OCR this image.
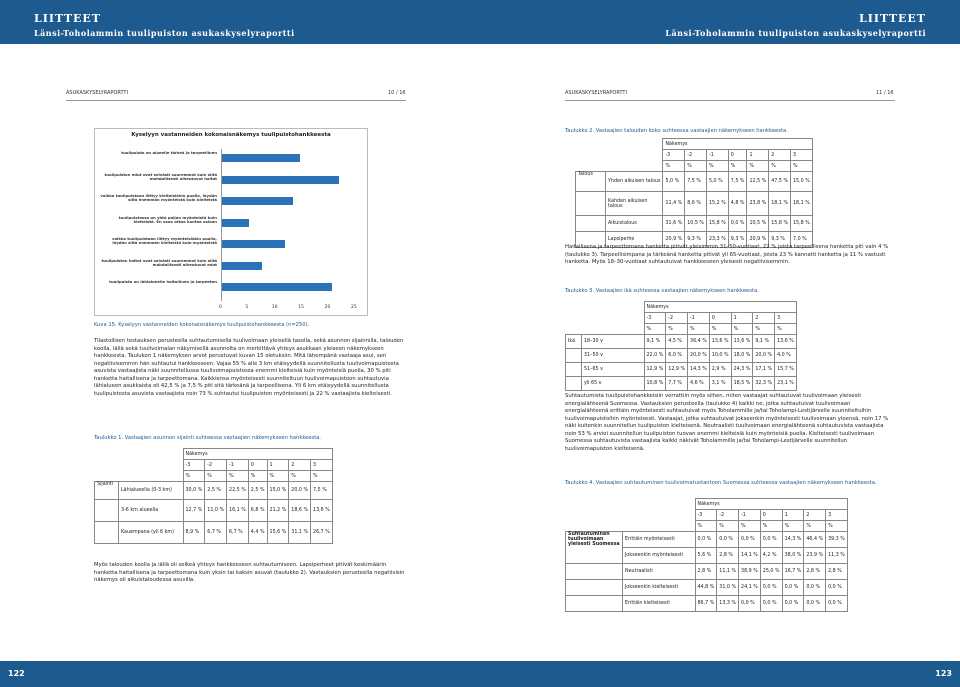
LIITTEET
Länsi-Toholammin tuulipuiston asukaskyselyraportti
LIITTEET
Länsi-Toholammin tuulipuiston asukaskyselyraportti
ASUKASKYSELYRAPORTTI	10 / 16	ASUKASKYSELYRAPORTTI	11 / 16
Kyselyyn vastanneiden kokonaisnäkemys tuulipuistohankkeesta
tuulipuisto on alueelle tärkeä ja tarpeellinen
tuulipuiston edut ovat selvästi suuremmat kuin siitä mahdollisesti aiheutuvat haitat
vaikka tuulipuistoon liittyy kielteisiäkin puolia, löydän siitä enemmän myönteistä kuin kielteistä
tuulipuistossa on yhtä paljon myönteistä kuin kielteistä. En osaa ottaa kantaa asiaan
vaikka tuulipuistoon liittyy myönteisiäkin puolia, löydän siitä enemmän kielteistä kuin myönteistä
tuulipuiston haitat ovat selvästi suuremmat kuin siitä mahdollisesti aiheutuvat edut
tuulipuisto on lähialueelle haitallinen ja tarpeeton
0	5	10	15	20	25
Kuva 15. Kyselyyn vastanneiden kokonaisnäkemys tuulipuistohankkeesta (n=250).

Tilastollisen testauksen perusteella suhtautumisella tuulivoimaan yleisellä tasolla, sekä asunnon sijainnilla, talouden koolla, iällä sekä tuulivoimalan näkymisellä asunnolta on merkittävä yhteys asukkaan yleiseen näkemykseen hankkeesta. Taulukon 1 näkemyksen arvot perustuvat kuvan 15 oletuksiin. Mitä lähempänä vastaaja asui, sen negatiivisemmin hän suhtautui hankkeeseen. Vajaa 55 % alle 3 km etäisyydellä suunnitellusta tuulivoimapuistosta asuvista vastaajista näki suunnitellussa tuulivoimapuistossa enemmi kielteisiä kuin myönteisiä puolia, 30 % piti hanketta haitallisena ja tarpeettomana. Kaikkiensa myönteisesti suunniteltuun tuulivoimapuistoon suhtautuvia lähialueen asukkaista oli 42,5 % ja 7,5 % piti sitä tärkeänä ja tarpeellisena. Yli 6 km etäisyydellä suunnitellusta tuulipuistosta asuvista vastaajista noin 73 % suhtautui tuulipuiston myönteisesti ja 22 % vastaajista kielteisesti.

Taulukko 1. Vastaajien asunnon sijainti suhteessa vastaajien näkemykseen hankkeesta.
		Näkemys						
		-3	-2	-1	0	1	2	3
		%	%	%	%	%	%	%
Sijainti	Lähialueella (0-3 km)	30,0 %	2,5 %	22,5 %	2,5 %	15,0 %	20,0 %	7,5 %
	3-6 km alueella	12,7 %	11,0 %	16,1 %	6,8 %	21,2 %	18,6 %	13,6 %
	Kauempana (yli 6 km)	8,9 %	6,7 %	6,7 %	4,4 %	15,6 %	31,1 %	26,7 %

Myös talouden koolla ja iällä oli selkeä yhteys hankkeeseen suhtautumiseen. Lapsiperheet pitivät keskimäärin hanketta haitallisena ja tarpeettomana kuin yksin tai kaksin asuvat (taulukko 2). Vastauksien perusteella negatiivisin näkemys oli aikuistaloudessa asuvilla.

Taulukko 2. Vastaajien talouden koko suhteessa vastaajien näkemykseen hankkeesta.
		Näkemys						
		-3	-2	-1	0	1	2	3
		%	%	%	%	%	%	%
Talous	Yhden aikuisen talous	5,0 %	7,5 %	5,0 %	7,5 %	12,5 %	47,5 %	15,0 %
	Kahden aikuisen talous	11,4 %	8,6 %	15,2 %	4,8 %	23,8 %	18,1 %	18,1 %
	Aikuistalous	31,6 %	10,5 %	15,8 %	0,0 %	10,5 %	15,8 %	15,8 %
	Lapsiperhe	20,9 %	9,3 %	23,3 %	9,3 %	20,9 %	9,3 %	7,0 %

Haitallisena ja tarpeettomana hanketta pitivät yleisimmin 31–50-vuotiaat, 22 % joista tarpeellisena hanketta piti vain 4 % (taulukko 3). Tarpeellisimpana ja tärkeänä hanketta pitivät yli 65-vuotiaat, joista 23 % kannatti hanketta ja 11 % vastusti hanketta. Myös 18–30-vuotiaat suhtautuivat hankkeeseen yleisesti negatiivisemmin.

Taulukko 3. Vastaajien ikä suhteessa vastaajien näkemykseen hankkeesta.
		Näkemys						
		-3	-2	-1	0	1	2	3
		%	%	%	%	%	%	%
Ikä	18–30 v	9,1 %	4,5 %	36,4 %	13,6 %	13,6 %	9,1 %	13,6 %
	31–50 v	22,0 %	6,0 %	20,0 %	10,0 %	18,0 %	20,0 %	4,0 %
	51–65 v	12,9 %	12,9 %	14,3 %	2,9 %	24,3 %	17,1 %	15,7 %
	yli 65 v	10,8 %	7,7 %	4,6 %	3,1 %	18,5 %	32,3 %	23,1 %

Suhtautumista tuulipuistohankkeisiin verrattiin myös siihen, miten vastaajat suhtautuvat tuulivoimaan yleisesti energialähteenä Suomessa. Vastauksien perusteella (taulukko 4) kaikki ne, jotka suhtautuivat tuulivoimaan energialähteenä erittäin myönteisesti suhtautuivat myös Toholammille ja/tai Toholampi-Lestijärvelle suunniteltuihin tuulivoimapuistoihin myönteisesti. Vastaajat, jotka suhtautuivat jokseenkin myönteisesti tuulivoimaan yleensä, noin 17 % näki kuitenkin suunnitellun tuulipuiston kielteisenä. Neutraalisti tuulivoimaan energialähteenä suhtautuvista vastaajista noin 53 % arvioi suunnitellun tuulipuiston tuovan enemmi kielteisiä kuin myönteisiä puolia. Kielteisesti tuulivoimaan Suomessa suhtautuvista vastaajista kaikki näkivät Toholammille ja/tai Toholampi-Lestijärvelle suunnitellun tuulivoimapuiston kielteisenä.

Taulukko 4. Vastaajien suhtautuminen tuulivoimatuotantoon Suomessa suhteessa vastaajien näkemykseen hankkeesta.
		Näkemys						
		-3	-2	-1	0	1	2	3
		%	%	%	%	%	%	%
Suhtautuminen tuulivoimaan yleisesti Suomessa	Erittäin myönteisesti	0,0 %	0,0 %	0,0 %	0,0 %	14,3 %	46,4 %	39,3 %
	Jokseenkin myönteisesti	5,6 %	2,8 %	14,1 %	4,2 %	38,0 %	23,9 %	11,3 %
	Neutraalisti	2,8 %	11,1 %	38,9 %	25,0 %	16,7 %	2,8 %	2,8 %
	Jokseenkin kielteisesti	44,8 %	31,0 %	24,1 %	0,0 %	0,0 %	0,0 %	0,0 %
	Erittäin kielteisesti	86,7 %	13,3 %	0,0 %	0,0 %	0,0 %	0,0 %	0,0 %
122	123
